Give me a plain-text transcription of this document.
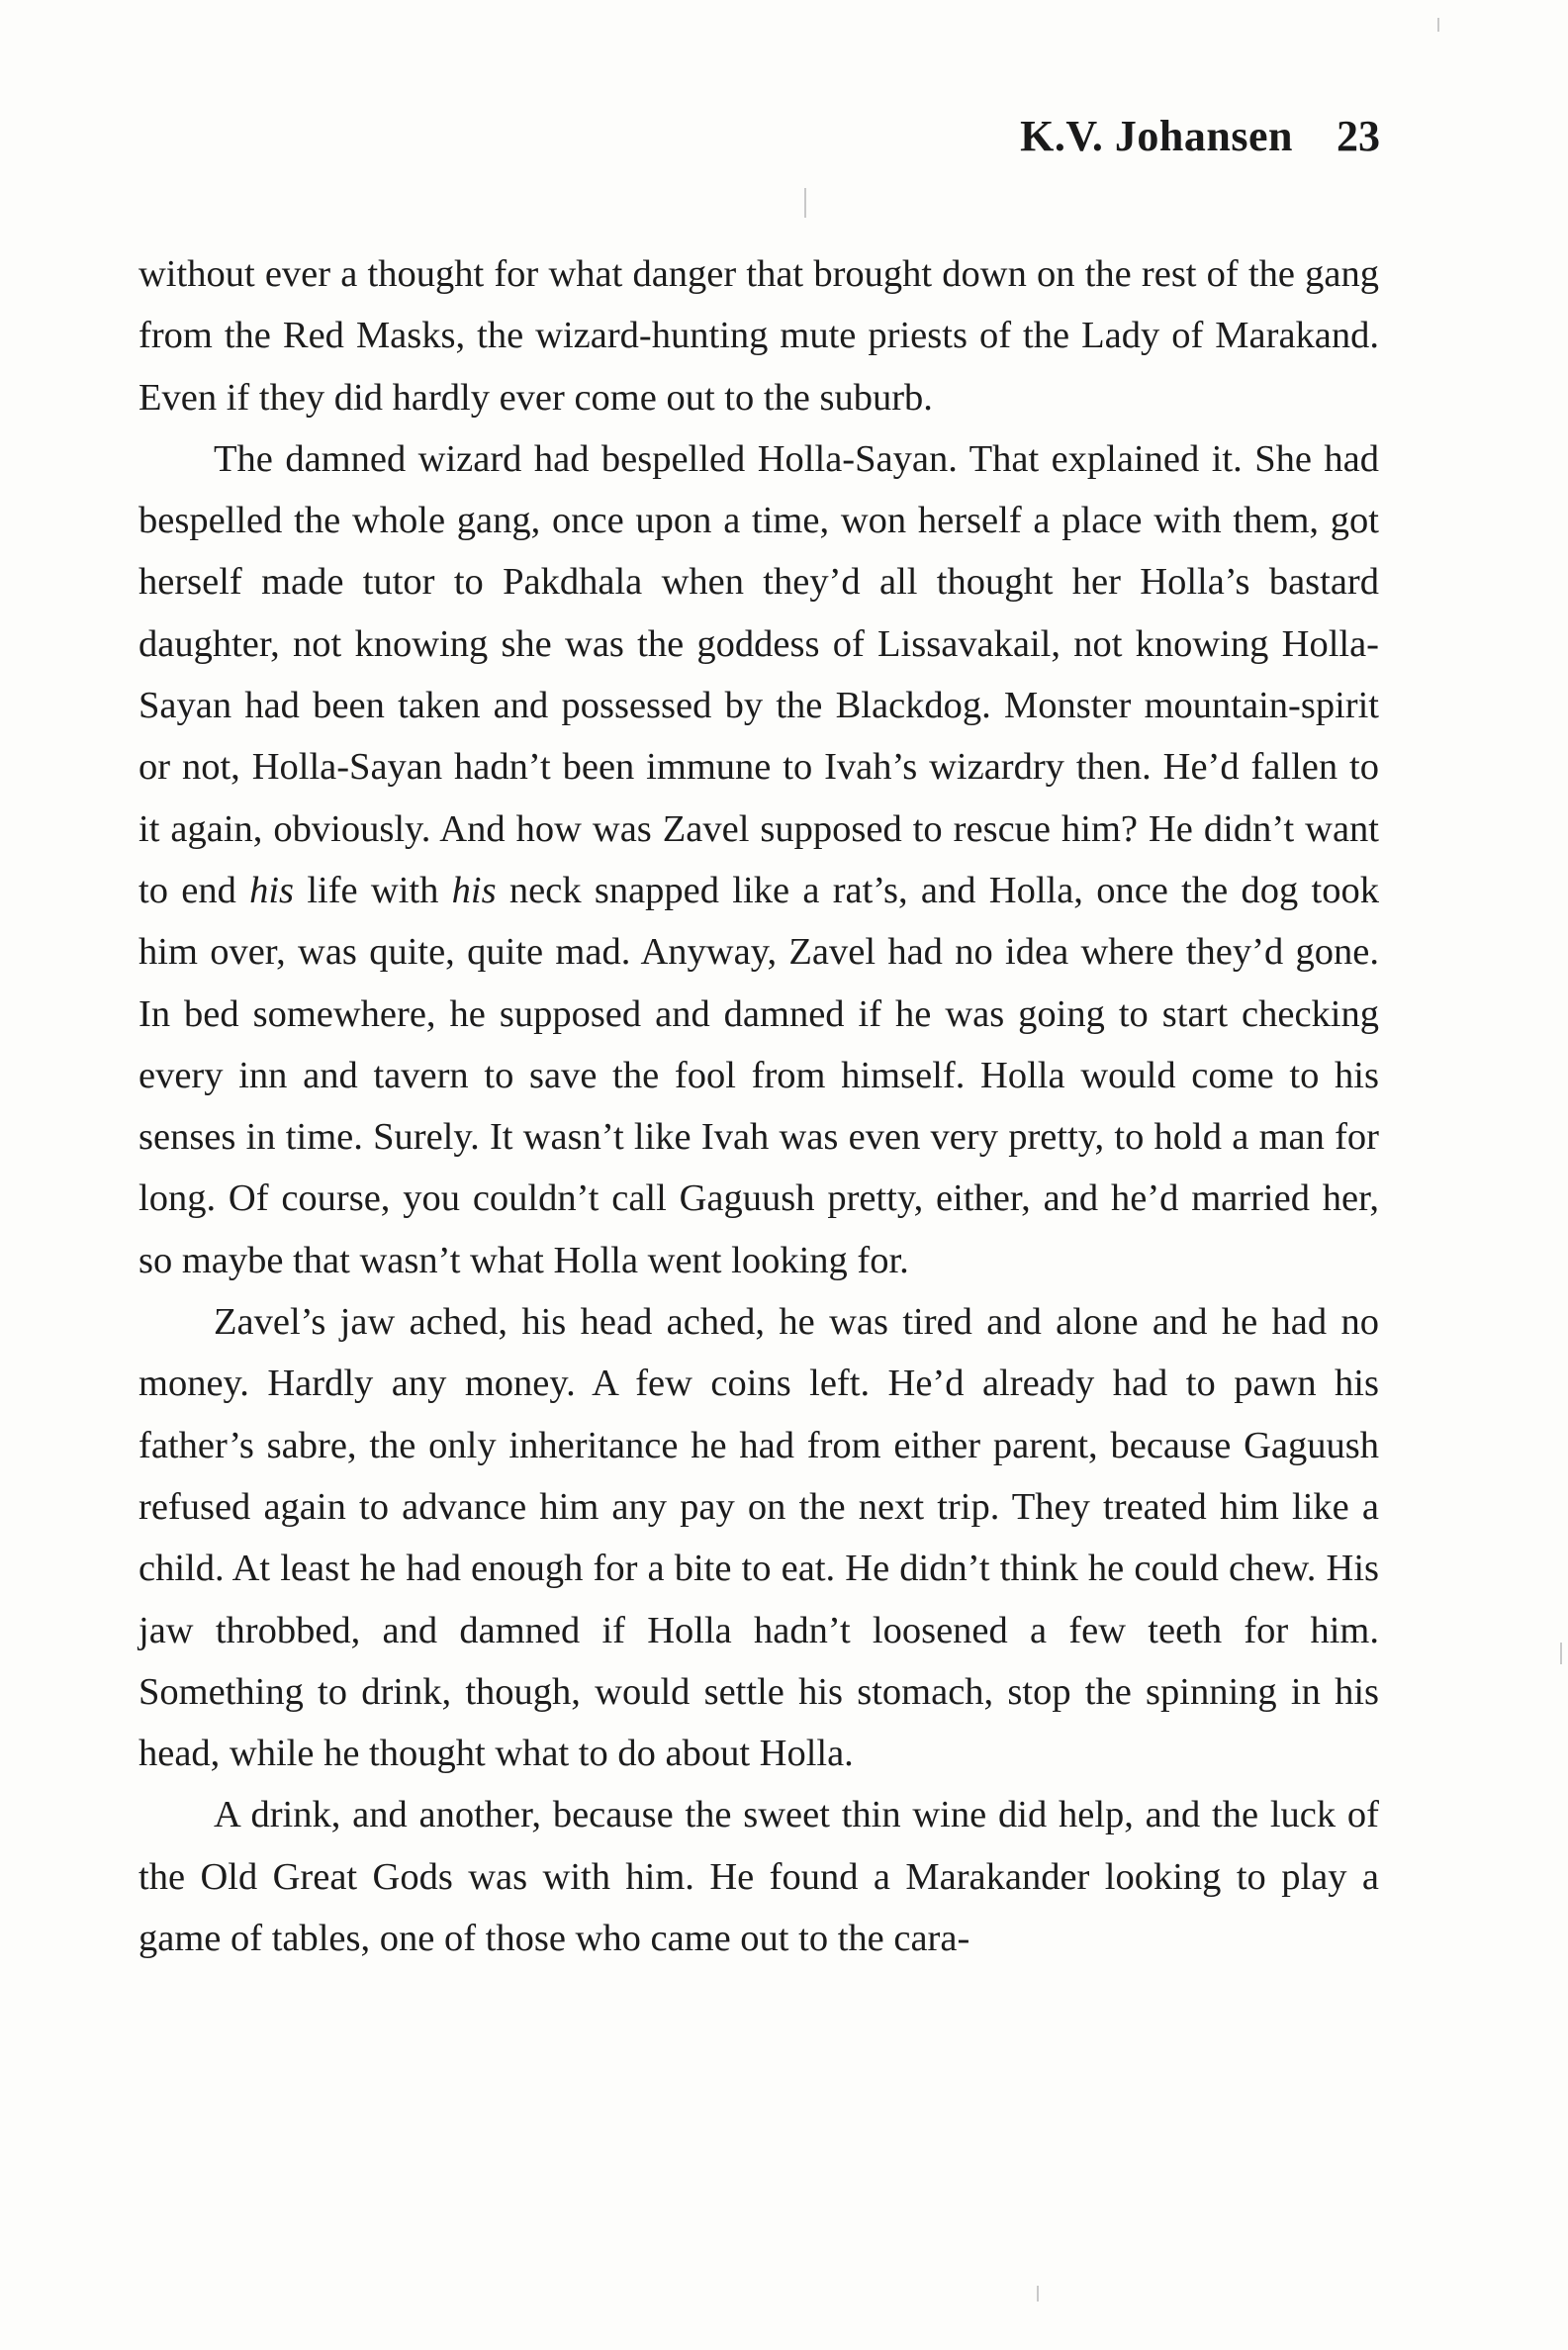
K.V. Johansen 23

without ever a thought for what danger that brought down on the rest of the gang from the Red Masks, the wizard-hunting mute priests of the Lady of Marakand. Even if they did hardly ever come out to the suburb.

The damned wizard had bespelled Holla-Sayan. That explained it. She had bespelled the whole gang, once upon a time, won herself a place with them, got herself made tutor to Pakdhala when they’d all thought her Holla’s bastard daughter, not knowing she was the goddess of Lissavakail, not knowing Holla-Sayan had been taken and possessed by the Blackdog. Monster mountain-spirit or not, Holla-Sayan hadn’t been immune to Ivah’s wizardry then. He’d fallen to it again, obviously. And how was Zavel supposed to rescue him? He didn’t want to end his life with his neck snapped like a rat’s, and Holla, once the dog took him over, was quite, quite mad. Anyway, Zavel had no idea where they’d gone. In bed somewhere, he supposed and damned if he was going to start checking every inn and tavern to save the fool from himself. Holla would come to his senses in time. Surely. It wasn’t like Ivah was even very pretty, to hold a man for long. Of course, you couldn’t call Gaguush pretty, either, and he’d married her, so maybe that wasn’t what Holla went looking for.

Zavel’s jaw ached, his head ached, he was tired and alone and he had no money. Hardly any money. A few coins left. He’d already had to pawn his father’s sabre, the only inheritance he had from either parent, because Gaguush refused again to advance him any pay on the next trip. They treated him like a child. At least he had enough for a bite to eat. He didn’t think he could chew. His jaw throbbed, and damned if Holla hadn’t loosened a few teeth for him. Something to drink, though, would settle his stomach, stop the spinning in his head, while he thought what to do about Holla.

A drink, and another, because the sweet thin wine did help, and the luck of the Old Great Gods was with him. He found a Marakander looking to play a game of tables, one of those who came out to the cara-
